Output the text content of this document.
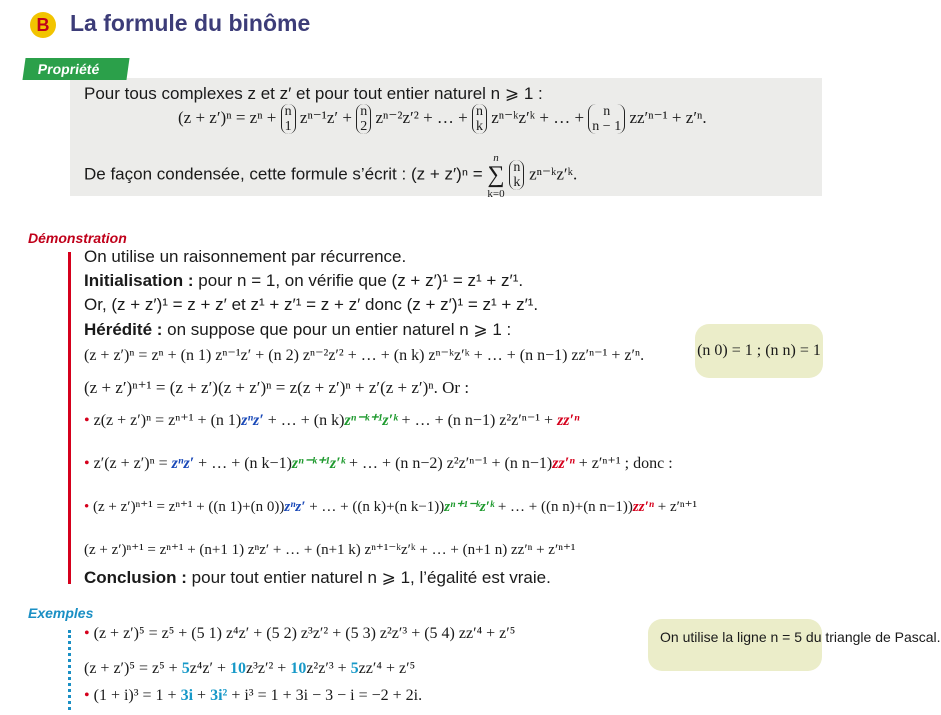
B La formule du binôme
Propriété
Pour tous complexes z et z′ et pour tout entier naturel n ⩾ 1 :
(z + z′)ⁿ = zⁿ + n
1 zⁿ⁻¹z′ + n
2 zⁿ⁻²z′² + … + n
k zⁿ⁻ᵏz′ᵏ + … + n
n − 1 zz′ⁿ⁻¹ + z′ⁿ.
De façon condensée, cette formule s’écrit : (z + z′)ⁿ = n
∑
k=0 n
k zⁿ⁻ᵏz′ᵏ.
Démonstration
On utilise un raisonnement par récurrence.
Initialisation : pour n = 1, on vérifie que (z + z′)¹ = z¹ + z′¹.
Or, (z + z′)¹ = z + z′ et z¹ + z′¹ = z + z′ donc (z + z′)¹ = z¹ + z′¹.
Hérédité : on suppose que pour un entier naturel n ⩾ 1 :
(z + z′)ⁿ = zⁿ + (n 1) zⁿ⁻¹z′ + (n 2) zⁿ⁻²z′² + … + (n k) zⁿ⁻ᵏz′ᵏ + … + (n n−1) zz′ⁿ⁻¹ + z′ⁿ.
(z + z′)ⁿ⁺¹ = (z + z′)(z + z′)ⁿ = z(z + z′)ⁿ + z′(z + z′)ⁿ. Or :
• z(z + z′)ⁿ = zⁿ⁺¹ + (n 1)zⁿz′ + … + (n k)zⁿ⁻ᵏ⁺¹z′ᵏ + … + (n n−1) z²z′ⁿ⁻¹ + zz′ⁿ
• z′(z + z′)ⁿ = zⁿz′ + … + (n k−1)zⁿ⁻ᵏ⁺¹z′ᵏ + … + (n n−2) z²z′ⁿ⁻¹ + (n n−1)zz′ⁿ + z′ⁿ⁺¹ ; donc :
• (z + z′)ⁿ⁺¹ = zⁿ⁺¹ + ((n 1)+(n 0))zⁿz′ + … + ((n k)+(n k−1))zⁿ⁺¹⁻ᵏz′ᵏ + … + ((n n)+(n n−1))zz′ⁿ + z′ⁿ⁺¹
(z + z′)ⁿ⁺¹ = zⁿ⁺¹ + (n+1 1) zⁿz′ + … + (n+1 k) zⁿ⁺¹⁻ᵏz′ᵏ + … + (n+1 n) zz′ⁿ + z′ⁿ⁺¹
Conclusion : pour tout entier naturel n ⩾ 1, l’égalité est vraie.
(n 0) = 1 ; (n n) = 1
Exemples
• (z + z′)⁵ = z⁵ + (5 1) z⁴z′ + (5 2) z³z′² + (5 3) z²z′³ + (5 4) zz′⁴ + z′⁵
(z + z′)⁵ = z⁵ + 5z⁴z′ + 10z³z′² + 10z²z′³ + 5zz′⁴ + z′⁵
• (1 + i)³ = 1 + 3i + 3i² + i³ = 1 + 3i − 3 − i = −2 + 2i.
On utilise la ligne n = 5 du triangle de Pascal.
